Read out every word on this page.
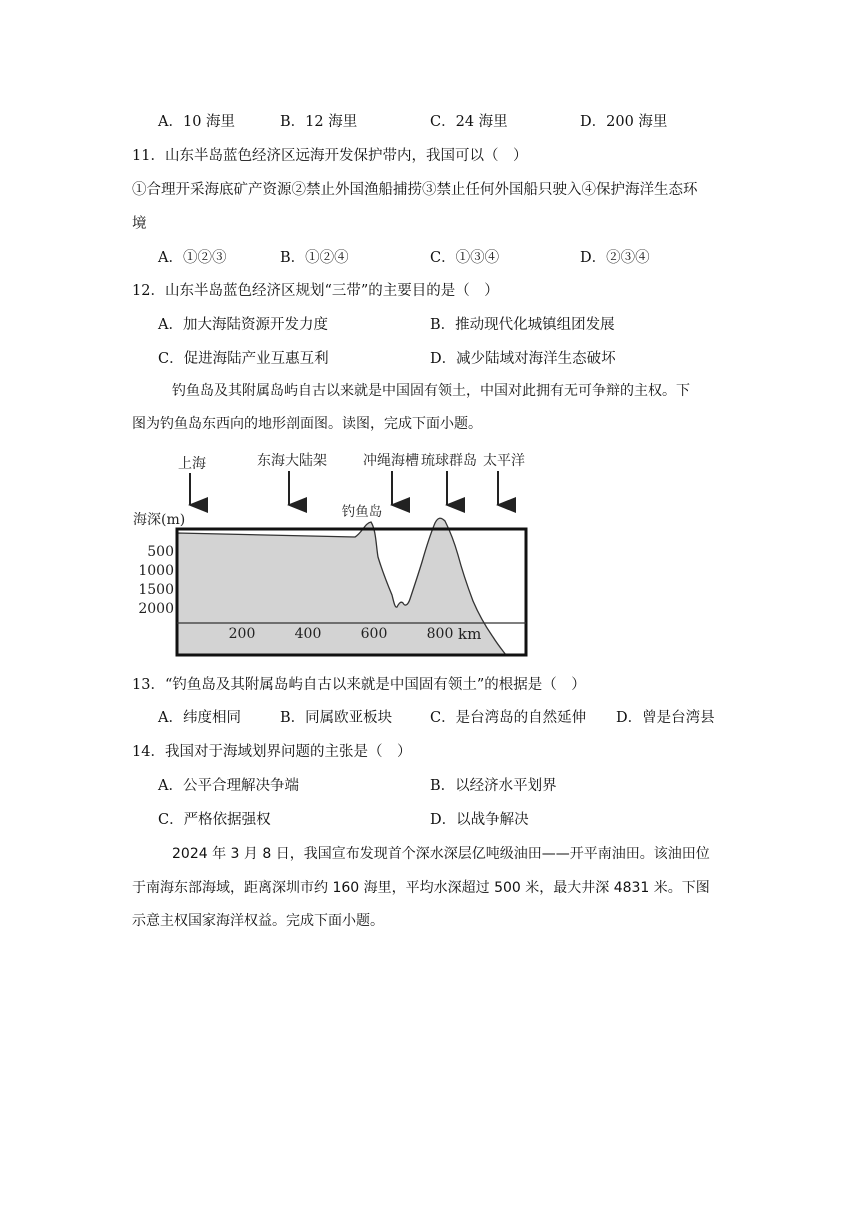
A．10 海里	B．12 海里	C．24 海里	D．200 海里
11．山东半岛蓝色经济区远海开发保护带内，我国可以（　）
①合理开采海底矿产资源②禁止外国渔船捕捞③禁止任何外国船只驶入④保护海洋生态环
境
A．①②③	B．①②④	C．①③④	D．②③④
12．山东半岛蓝色经济区规划“三带”的主要目的是（　）
A．加大海陆资源开发力度	B．推动现代化城镇组团发展
C．促进海陆产业互惠互利	D．减少陆域对海洋生态破坏
钓鱼岛及其附属岛屿自古以来就是中国固有领土，中国对此拥有无可争辩的主权。下
图为钓鱼岛东西向的地形剖面图。读图，完成下面小题。
上海	东海大陆架	冲绳海槽 琉球群岛 太平洋
钓鱼岛
海深(m)
500
1000
1500
2000
200	400	600	800 km
13．“钓鱼岛及其附属岛屿自古以来就是中国固有领土”的根据是（　）
A．纬度相同	B．同属欧亚板块	C．是台湾岛的自然延伸 D．曾是台湾县
14．我国对于海域划界问题的主张是（　）
A．公平合理解决争端	B．以经济水平划界
C．严格依据强权	D．以战争解决
2024 年 3 月 8 日，我国宣布发现首个深水深层亿吨级油田——开平南油田。该油田位
于南海东部海域，距离深圳市约 160 海里，平均水深超过 500 米，最大井深 4831 米。下图
示意主权国家海洋权益。完成下面小题。
